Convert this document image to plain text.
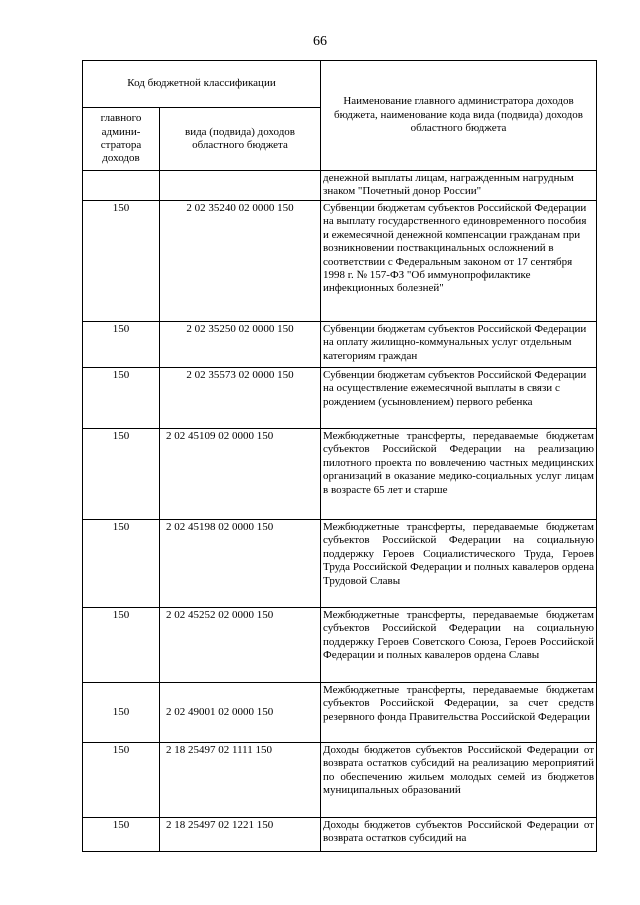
66
Код бюджетной классификации		Наименование главного администратора доходов бюджета, наименование кода вида (подвида) доходов областного бюджета
главного админи-стратора доходов	вида (подвида) доходов областного бюджета	
		денежной выплаты лицам, награжденным нагрудным знаком "Почетный донор России"
150	2 02 35240 02 0000 150	Субвенции бюджетам субъектов Российской Федерации на выплату государственного единовременного пособия и ежемесячной денежной компенсации гражданам при возникновении поствакцинальных осложнений в соответствии с Федеральным законом от 17 сентября 1998 г. № 157-ФЗ "Об иммунопрофилактике инфекционных болезней"
150	2 02 35250 02 0000 150	Субвенции бюджетам субъектов Российской Федерации на оплату жилищно-коммунальных услуг отдельным категориям граждан
150	2 02 35573 02 0000 150	Субвенции бюджетам субъектов Российской Федерации на осуществление ежемесячной выплаты в связи с рождением (усыновлением) первого ребенка
150	2 02 45109 02 0000 150	Межбюджетные трансферты, передаваемые бюджетам субъектов Российской Федерации на реализацию пилотного проекта по вовлечению частных медицинских организаций в оказание медико-социальных услуг лицам в возрасте 65 лет и старше
150	2 02 45198 02 0000 150	Межбюджетные трансферты, передаваемые бюджетам субъектов Российской Федерации на социальную поддержку Героев Социалистического Труда, Героев Труда Российской Федерации и полных кавалеров ордена Трудовой Славы
150	2 02 45252 02 0000 150	Межбюджетные трансферты, передаваемые бюджетам субъектов Российской Федерации на социальную поддержку Героев Советского Союза, Героев Российской Федерации и полных кавалеров ордена Славы
150	2 02 49001 02 0000 150	Межбюджетные трансферты, передаваемые бюджетам субъектов Российской Федерации, за счет средств резервного фонда Правительства Российской Федерации
150	2 18 25497 02 1111 150	Доходы бюджетов субъектов Российской Федерации от возврата остатков субсидий на реализацию мероприятий по обеспечению жильем молодых семей из бюджетов муниципальных образований
150	2 18 25497 02 1221 150	Доходы бюджетов субъектов Российской Федерации от возврата остатков субсидий на
